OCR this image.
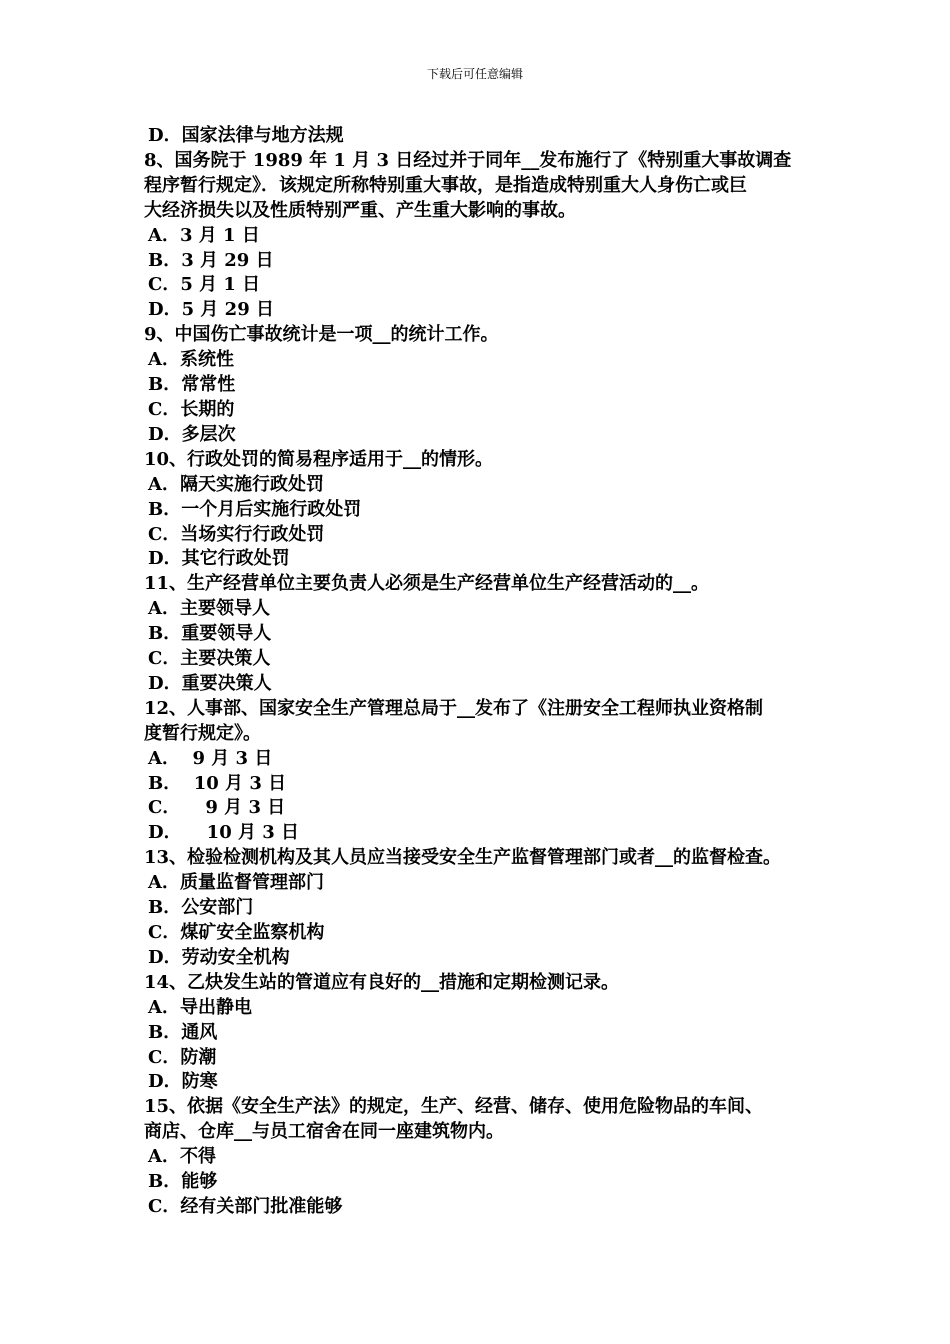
下载后可任意编辑
D．国家法律与地方法规
8、国务院于 1989 年 1 月 3 日经过并于同年__发布施行了《特别重大事故调查
程序暂行规定》．该规定所称特别重大事故，是指造成特别重大人身伤亡或巨
大经济损失以及性质特别严重、产生重大影响的事故。
A．3 月 1 日
B．3 月 29 日
C．5 月 1 日
D．5 月 29 日
9、中国伤亡事故统计是一项__的统计工作。
A．系统性
B．常常性
C．长期的
D．多层次
10、行政处罚的简易程序适用于__的情形。
A．隔天实施行政处罚
B．一个月后实施行政处罚
C．当场实行行政处罚
D．其它行政处罚
11、生产经营单位主要负责人必须是生产经营单位生产经营活动的__。
A．主要领导人
B．重要领导人
C．主要决策人
D．重要决策人
12、人事部、国家安全生产管理总局于__发布了《注册安全工程师执业资格制
度暂行规定》。
A．  9 月 3 日
B．  10 月 3 日
C．    9 月 3 日
D．    10 月 3 日
13、检验检测机构及其人员应当接受安全生产监督管理部门或者__的监督检查。
A．质量监督管理部门
B．公安部门
C．煤矿安全监察机构
D．劳动安全机构
14、乙炔发生站的管道应有良好的__措施和定期检测记录。
A．导出静电
B．通风
C．防潮
D．防寒
15、依据《安全生产法》的规定，生产、经营、储存、使用危险物品的车间、
商店、仓库__与员工宿舍在同一座建筑物内。
A．不得
B．能够
C．经有关部门批准能够
